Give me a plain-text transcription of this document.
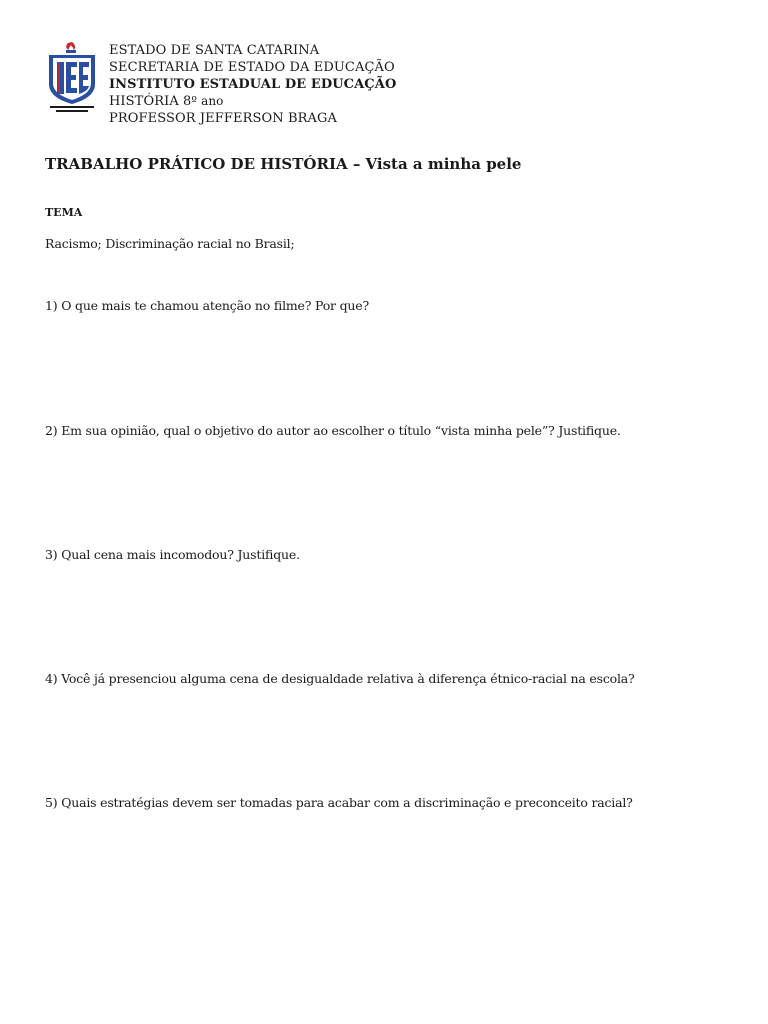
ESTADO DE SANTA CATARINA
SECRETARIA DE ESTADO DA EDUCAÇÃO
INSTITUTO ESTADUAL DE EDUCAÇÃO
HISTÓRIA 8º ano
PROFESSOR JEFFERSON BRAGA
TRABALHO PRÁTICO DE HISTÓRIA – Vista a minha pele
TEMA
Racismo; Discriminação racial no Brasil;
1) O que mais te chamou atenção no filme? Por que?
2) Em sua opinião, qual o objetivo do autor ao escolher o título “vista minha pele”? Justifique.
3) Qual cena mais incomodou? Justifique.
4) Você já presenciou alguma cena de desigualdade relativa à diferença étnico-racial na escola?
5) Quais estratégias devem ser tomadas para acabar com a discriminação e preconceito racial?
